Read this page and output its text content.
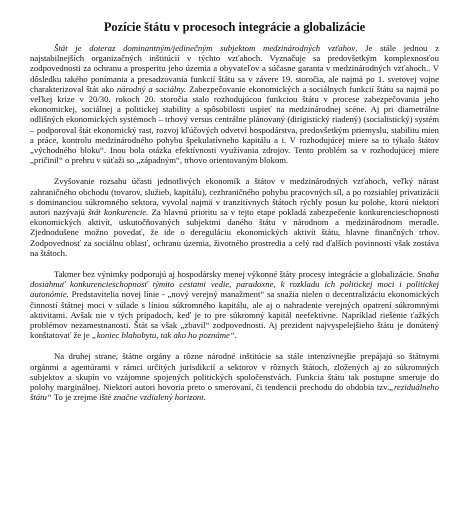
Pozície štátu v procesoch integrácie a globalizácie

Štát je doteraz dominantným/jedinečným subjektom medzinárodných vzťahov. Je stále jednou z najstabilnejších organizačných inštitúcií v týchto vzťahoch. Vyznačuje sa predovšetkým komplexnosťou zodpovednosti za ochranu a prosperitu jeho územia a obyvateľov a súčasne garanta v medzinárodných vzťahoch.. V dôsledku takého ponímania a presadzovania funkcií štátu sa v závere 19. storočia, ale najmä po 1. svetovej vojne charakterizoval štát ako národný a sociálny. Zabezpečovanie ekonomických a sociálnych funkcií štátu sa najmä po veľkej krize v 20/30. rokoch 20. storočia stalo rozhodujúcou funkciou štátu v procese zabezpečovania jeho ekonomickej, sociálnej a politickej stability a spôsobilosti uspieť na medzinárodnej scéne. Aj pri diametrálne odlišných ekonomických systémoch – trhový versus centrálne plánovaný (dirigistický riadený) (socialistický) systém – podporoval štát ekonomický rast, rozvoj kľúčových odvetví hospodárstva, predovšetkým priemyslu, stabilitu mien a práce, kontrolu medzinárodného pohybu špekulatívneho kapitálu a i. V rozhodujúcej miere sa to týkalo štátov „východného bloku“. Inou bola otázka efektívnosti využívania zdrojov. Tento problém sa v rozhodujúcej miere „pričinil“ o prehru v súťaži so „západným“, trhovo orientovaným blokom.

Zvyšovanie rozsahu účasti jednotlivých ekonomík a štátov v medzinárodných vzťahoch, veľký nárast zahraničného obchodu (tovarov, služieb, kapitálu), cezhraničného pohybu pracovných síl, a po rozsiahlej privatizácii s dominanciou súkromného sektora, vyvolal najmä v tranzitívnych štátoch rýchly posun ku polohe, ktorú niektorí autori nazývajú štát konkurencie. Za hlavnú prioritu sa v tejto etape pokladá zabezpečenie konkurencieschopnosti ekonomických aktivít, uskutočňovaných subjektmi daného štátu v národnom a medzinárodnom meradle. Zjednodušene možno povedať, že ide o dereguláciu ekonomických aktivít štátu, hlavne finančných trhov. Zodpovednosť za sociálnu oblasť, ochranu územia, životného prostredia a celý rad ďalších povinností však zostáva na štátoch.

Takmer bez výnimky podporujú aj hospodársky menej výkonné štáty procesy integrácie a globalizácie. Snaha dosiahnuť konkurencieschopnosť týmito cestami vedie, paradoxne, k rozkladu ich politickej moci i politickej autonómie. Predstavitelia novej línie - „nový verejný manažment“ sa snažia nielen o decentralizáciu ekonomických činností štátnej moci v súlade s líniou súkromného kapitálu, ale aj o nahradenie verejných opatrení súkromnými aktivitami. Avšak nie v tých prípadoch, keď je to pre súkromný kapitál neefektívne. Napríklad riešenie ťažkých problémov nezamestnanosti. Štát sa však „zbavil“ zodpovednosti. Aj prezident najvyspelejšieho štátu je donútený konštatovať že je „koniec blahobytu, tak ako ho poznáme“.

Na druhej strane, štátne orgány a rôzne národné inštitúcie sa stále intenzívnejšie prepájajú so štátnymi orgánmi a agentúrami v rámci určitých jurisdikcií a sektorov v rôznych štátoch, zložených aj zo súkromných subjektov a skupín vo vzájomne spojených politických spoločenstvách. Funkcia štátu tak postupne smeruje do polohy marginálnej. Niektorí autori hovoria preto o smerovaní, či tendencii prechodu do obdobia tzv.„reziduálneho štátu“ To je zrejme išté značne vzdialený horizont.
